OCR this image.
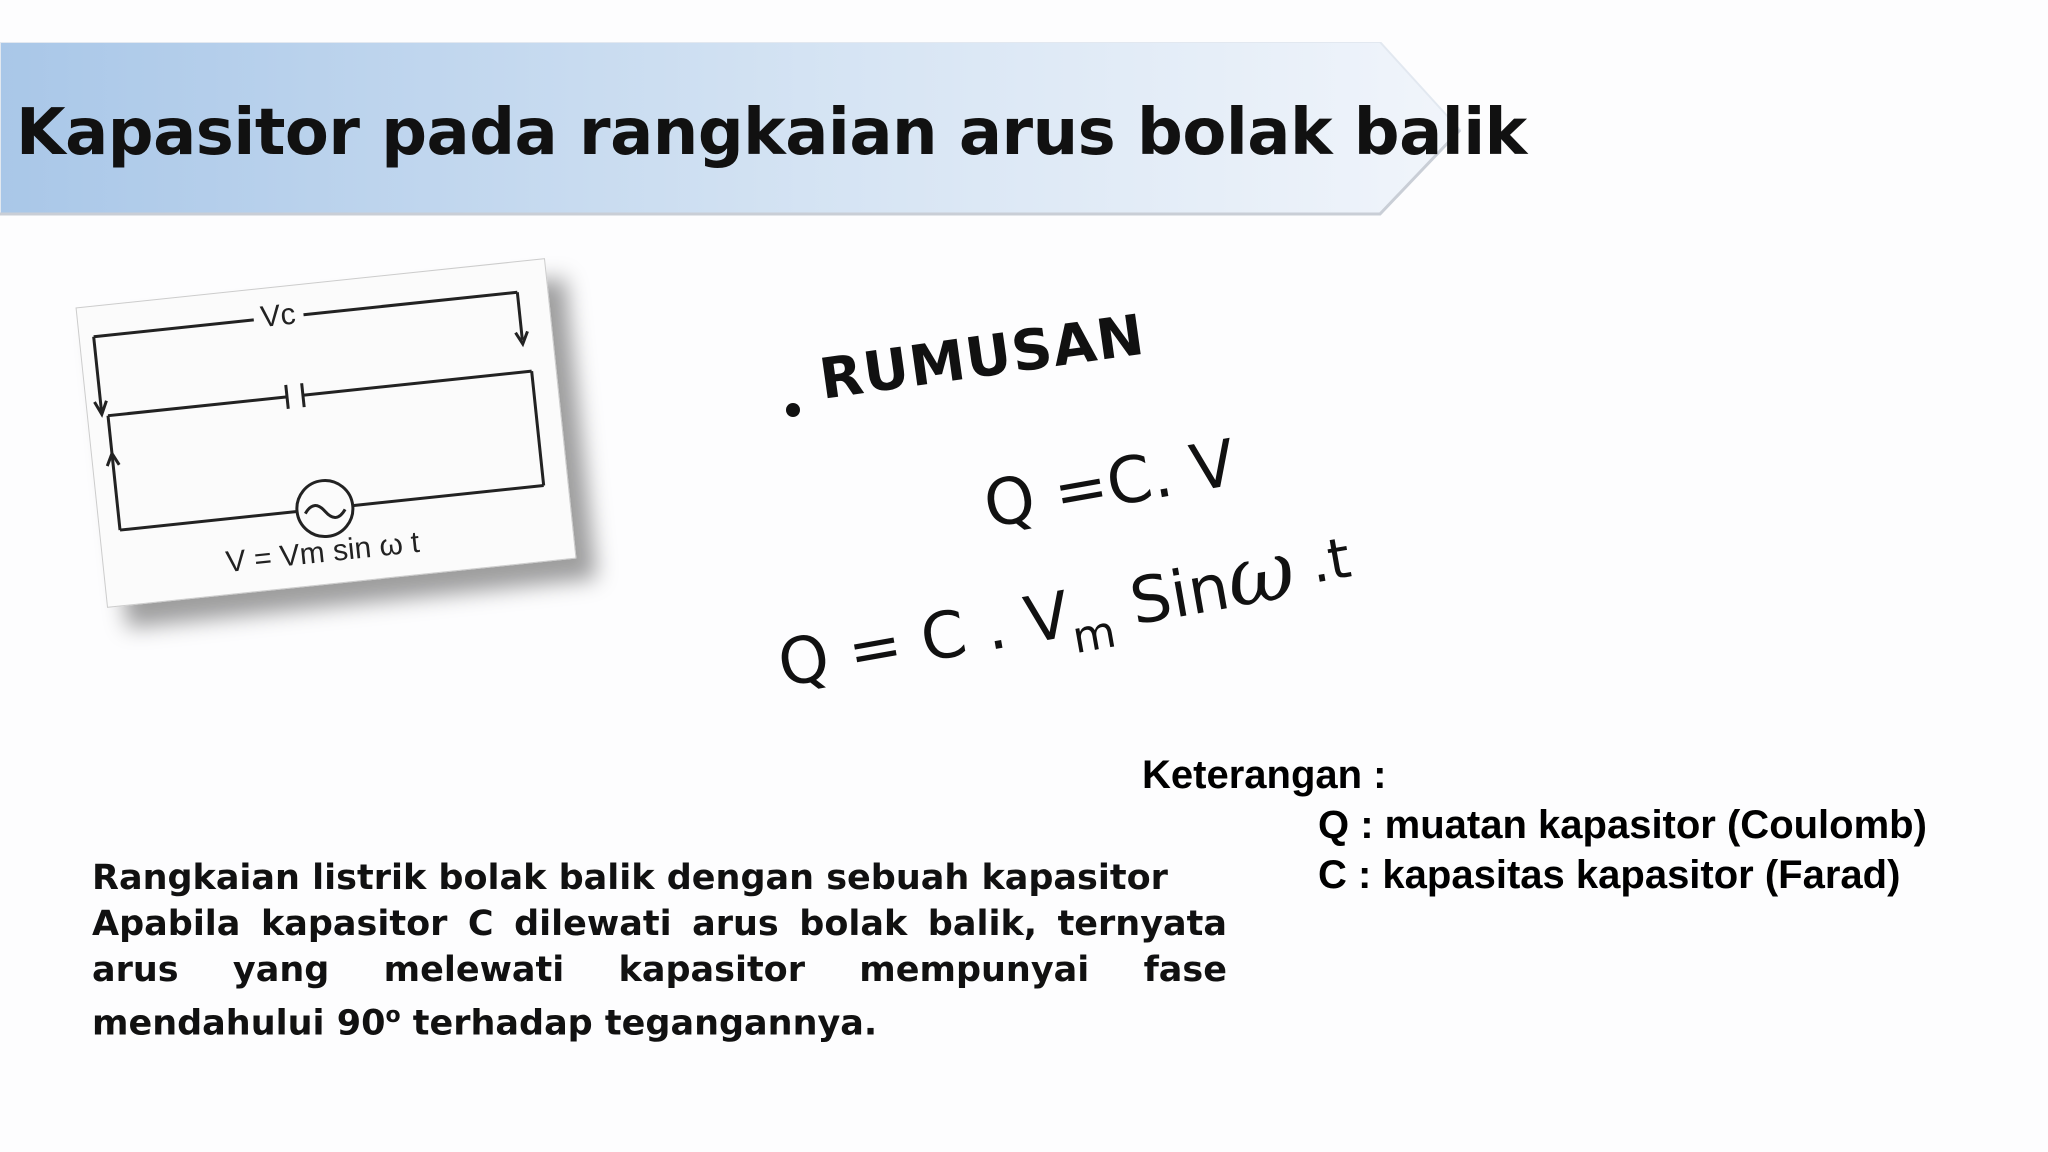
Kapasitor pada rangkaian arus bolak balik
Vc
V = Vm sin ω t
RUMUSAN
Q =C. V
Q = C . $V_m$ Sinω .t
Keterangan :
Q : muatan kapasitor (Coulomb)
C : kapasitas kapasitor (Farad)
Rangkaian listrik bolak balik dengan sebuah kapasitor
Apabila kapasitor C dilewati arus bolak balik, ternyata arus yang melewati kapasitor mempunyai fase mendahului 90$^o$ terhadap tegangannya.
